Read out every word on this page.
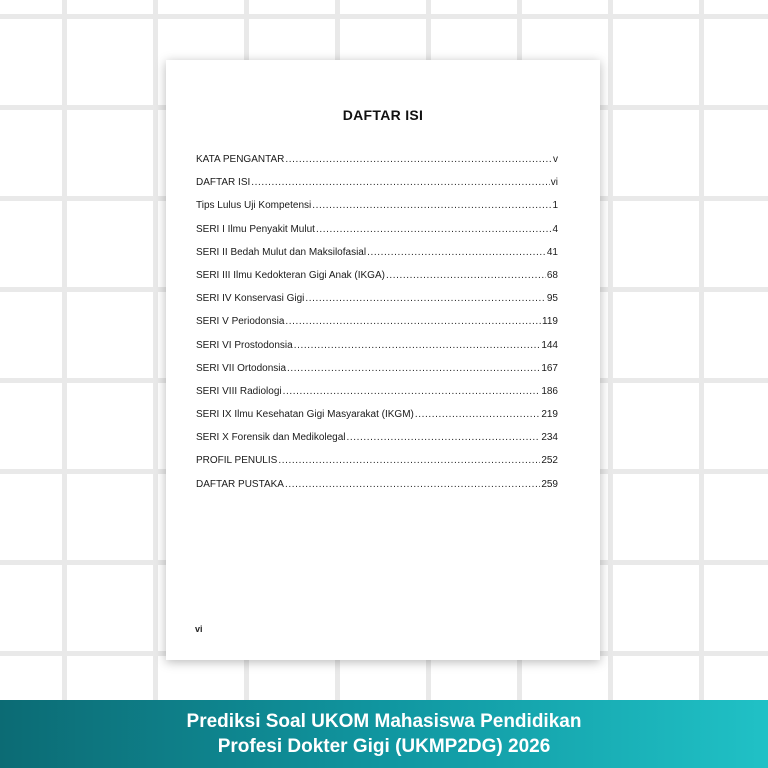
DAFTAR ISI
KATA PENGANTAR .....	v
DAFTAR ISI .....	vi
Tips Lulus Uji Kompetensi .....	1
SERI I Ilmu Penyakit Mulut .....	4
SERI II Bedah Mulut dan Maksilofasial .....	41
SERI III Ilmu Kedokteran Gigi Anak (IKGA) .....	68
SERI IV Konservasi Gigi .....	95
SERI V Periodonsia .....	119
SERI VI Prostodonsia .....	144
SERI VII Ortodonsia .....	167
SERI VIII Radiologi .....	186
SERI IX Ilmu Kesehatan Gigi Masyarakat (IKGM) .....	219
SERI X Forensik dan Medikolegal .....	234
PROFIL PENULIS .....	252
DAFTAR PUSTAKA .....	259
vi
Prediksi Soal UKOM Mahasiswa Pendidikan
Profesi Dokter Gigi (UKMP2DG) 2026
